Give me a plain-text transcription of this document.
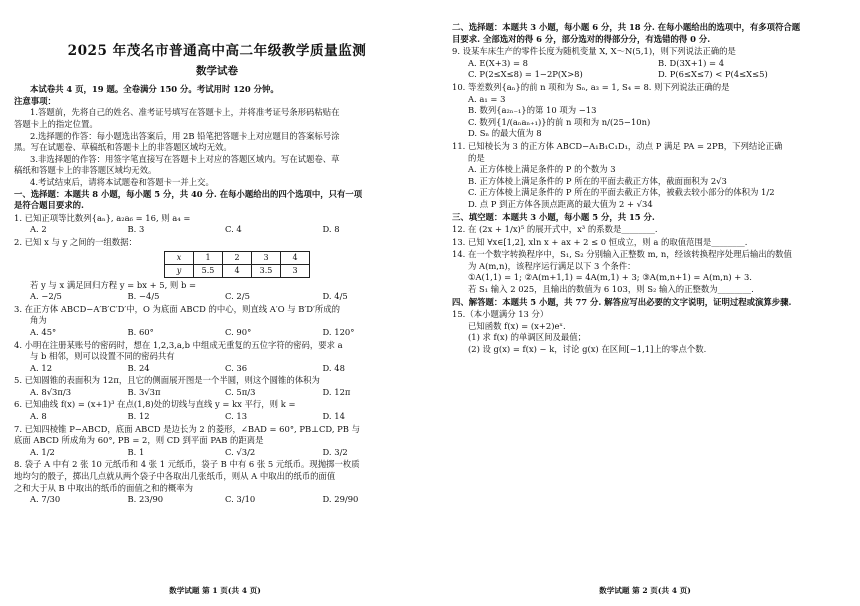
2025 年茂名市普通高中高二年级教学质量监测
数学试卷

本试卷共 4 页，19 题。全卷满分 150 分。考试用时 120 分钟。

注意事项：

1.答题前，先将自己的姓名、准考证号填写在答题卡上，并将准考证号条形码粘贴在

答题卡上的指定位置。

2.选择题的作答：每小题选出答案后，用 2B 铅笔把答题卡上对应题目的答案标号涂

黑。写在试题卷、草稿纸和答题卡上的非答题区域均无效。

3.非选择题的作答：用签字笔直接写在答题卡上对应的答题区域内。写在试题卷、草

稿纸和答题卡上的非答题区域均无效。

4.考试结束后，请将本试题卷和答题卡一并上交。

一、选择题：本题共 8 小题，每小题 5 分，共 40 分. 在每小题给出的四个选项中，只有一项

是符合题目要求的.

1. 已知正项等比数列{aₙ}, a₂a₆ = 16, 则 a₄ =

A. 2	B. 3	C. 4	D. 8

2. 已知 x 与 y 之间的一组数据：

x	1	2	3	4
y	5.5	4	3.5	3

若 y 与 x 满足回归方程 y = bx + 5, 则 b =

A. −2/5	B. −4/5	C. 2/5	D. 4/5

3. 在正方体 ABCD−A′B′C′D′中，O 为底面 ABCD 的中心，则直线 A′O 与 B′D′所成的

角为

A. 45°	B. 60°	C. 90°	D. 120°

4. 小明在注册某账号的密码时，想在 1,2,3,a,b 中组成无重复的五位字符的密码，要求 a

与 b 相邻，则可以设置不同的密码共有

A. 12	B. 24	C. 36	D. 48

5. 已知圆锥的表面积为 12π，且它的侧面展开图是一个半圆，则这个圆锥的体积为

A. 8√3π/3	B. 3√3π	C. 5π/3	D. 12π

6. 已知曲线 f(x) = (x+1)³ 在点(1,8)处的切线与直线 y = kx 平行，则 k =

A. 8	B. 12	C. 13	D. 14

7. 已知四棱锥 P−ABCD，底面 ABCD 是边长为 2 的菱形，∠BAD = 60°, PB⊥CD, PB 与

底面 ABCD 所成角为 60°, PB = 2，则 CD 到平面 PAB 的距离是

A. 1/2	B. 1	C. √3/2	D. 3/2

8. 袋子 A 中有 2 张 10 元纸币和 4 张 1 元纸币，袋子 B 中有 6 张 5 元纸币。现抛掷一枚质

地均匀的骰子，掷出几点就从两个袋子中各取出几张纸币，则从 A 中取出的纸币的面值

之和大于从 B 中取出的纸币的面值之和的概率为

A. 7/30	B. 23/90	C. 3/10	D. 29/90
数学试题 第 1 页(共 4 页)

二、选择题：本题共 3 小题，每小题 6 分，共 18 分. 在每小题给出的选项中，有多项符合题

目要求. 全部选对的得 6 分，部分选对的得部分分，有选错的得 0 分.

9. 设某车床生产的零件长度为随机变量 X, X～N(5,1)，则下列说法正确的是

A. E(X+3) = 8	B. D(3X+1) = 4
C. P(2≤X≤8) = 1−2P(X>8)	D. P(6≤X≤7) < P(4≤X≤5)

10. 等差数列{aₙ}的前 n 项和为 Sₙ, a₃ = 1, S₄ = 8. 则下列说法正确的是

A. a₁ = 3

B. 数列{a₂ₙ₋₁}的第 10 项为 −13

C. 数列{1/(aₙaₙ₊₁)}的前 n 项和为 n/(25−10n)

D. Sₙ 的最大值为 8

11. 已知棱长为 3 的正方体 ABCD−A₁B₁C₁D₁，动点 P 满足 PA = 2PB，下列结论正确

的是

A. 正方体棱上满足条件的 P 的个数为 3

B. 正方体棱上满足条件的 P 所在的平面去截正方体，截面面积为 2√3

C. 正方体棱上满足条件的 P 所在的平面去截正方体，被截去较小部分的体积为 1/2

D. 点 P 到正方体各顶点距离的最大值为 2 + √34

三、填空题：本题共 3 小题，每小题 5 分，共 15 分.

12. 在 (2x + 1/x)⁵ 的展开式中，x³ 的系数是________.

13. 已知 ∀x∈[1,2], xln x + ax + 2 ≤ 0 恒成立，则 a 的取值范围是________.

14. 在一个数字转换程序中，S₁, S₂ 分别输入正整数 m, n，经该转换程序处理后输出的数值

为 A(m,n)，该程序运行满足以下 3 个条件：

①A(1,1) = 1; ②A(m+1,1) = 4A(m,1) + 3; ③A(m,n+1) = A(m,n) + 3.

若 S₁ 输入 2 025，且输出的数值为 6 103，则 S₂ 输入的正整数为________.

四、解答题：本题共 5 小题，共 77 分. 解答应写出必要的文字说明，证明过程或演算步骤.

15.（本小题满分 13 分）

已知函数 f(x) = (x+2)eˣ.

(1) 求 f(x) 的单调区间及最值；

(2) 设 g(x) = f(x) − k，讨论 g(x) 在区间[−1,1]上的零点个数.

数学试题 第 2 页(共 4 页)
